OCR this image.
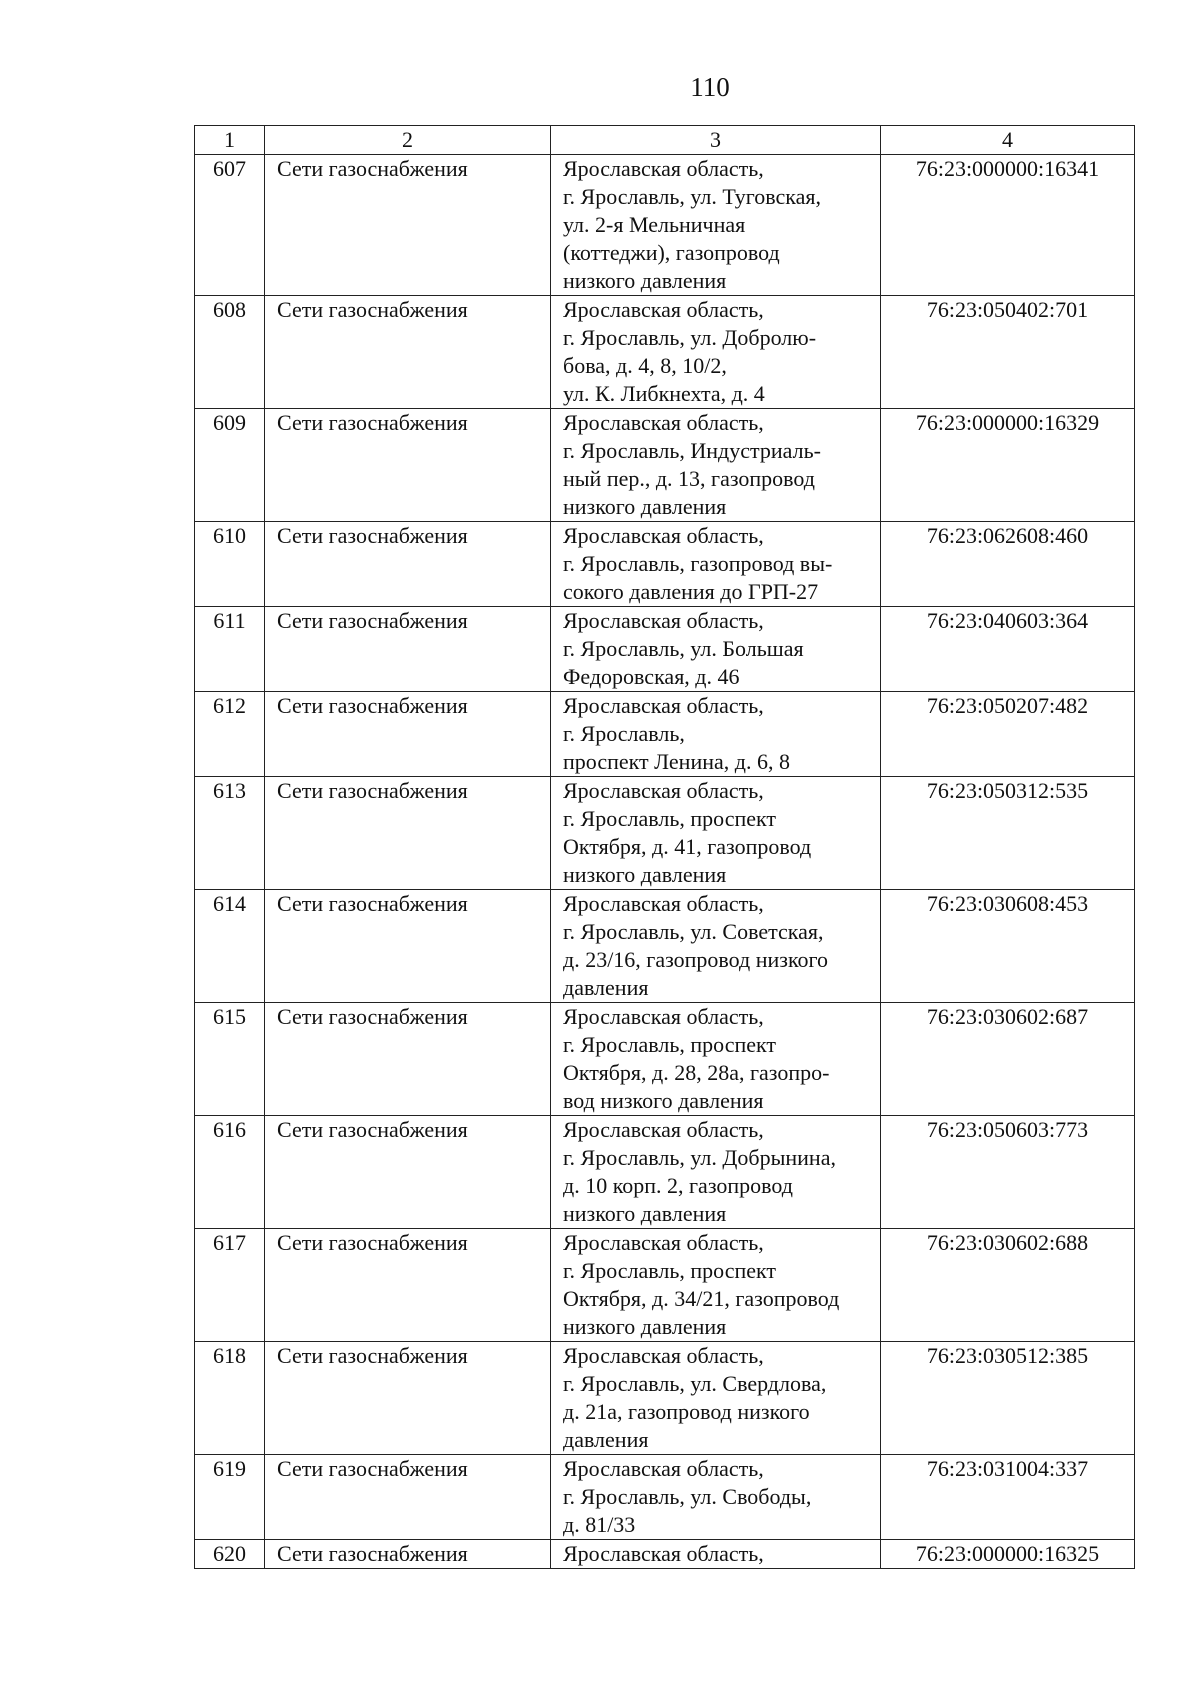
110
1	2	3	4
607	Сети газоснабжения	Ярославская область,
г. Ярославль, ул. Туговская,
ул. 2-я Мельничная
(коттеджи), газопровод
низкого давления	76:23:000000:16341
608	Сети газоснабжения	Ярославская область,
г. Ярославль, ул. Добролю-
бова, д. 4, 8, 10/2,
ул. К. Либкнехта, д. 4	76:23:050402:701
609	Сети газоснабжения	Ярославская область,
г. Ярославль, Индустриаль-
ный пер., д. 13, газопровод
низкого давления	76:23:000000:16329
610	Сети газоснабжения	Ярославская область,
г. Ярославль, газопровод вы-
сокого давления до ГРП-27	76:23:062608:460
611	Сети газоснабжения	Ярославская область,
г. Ярославль, ул. Большая
Федоровская, д. 46	76:23:040603:364
612	Сети газоснабжения	Ярославская область,
г. Ярославль,
проспект Ленина, д. 6, 8	76:23:050207:482
613	Сети газоснабжения	Ярославская область,
г. Ярославль, проспект
Октября, д. 41, газопровод
низкого давления	76:23:050312:535
614	Сети газоснабжения	Ярославская область,
г. Ярославль, ул. Советская,
д. 23/16, газопровод низкого
давления	76:23:030608:453
615	Сети газоснабжения	Ярославская область,
г. Ярославль, проспект
Октября, д. 28, 28а, газопро-
вод низкого давления	76:23:030602:687
616	Сети газоснабжения	Ярославская область,
г. Ярославль, ул. Добрынина,
д. 10 корп. 2, газопровод
низкого давления	76:23:050603:773
617	Сети газоснабжения	Ярославская область,
г. Ярославль, проспект
Октября, д. 34/21, газопровод
низкого давления	76:23:030602:688
618	Сети газоснабжения	Ярославская область,
г. Ярославль, ул. Свердлова,
д. 21а, газопровод низкого
давления	76:23:030512:385
619	Сети газоснабжения	Ярославская область,
г. Ярославль, ул. Свободы,
д. 81/33	76:23:031004:337
620	Сети газоснабжения	Ярославская область,	76:23:000000:16325
